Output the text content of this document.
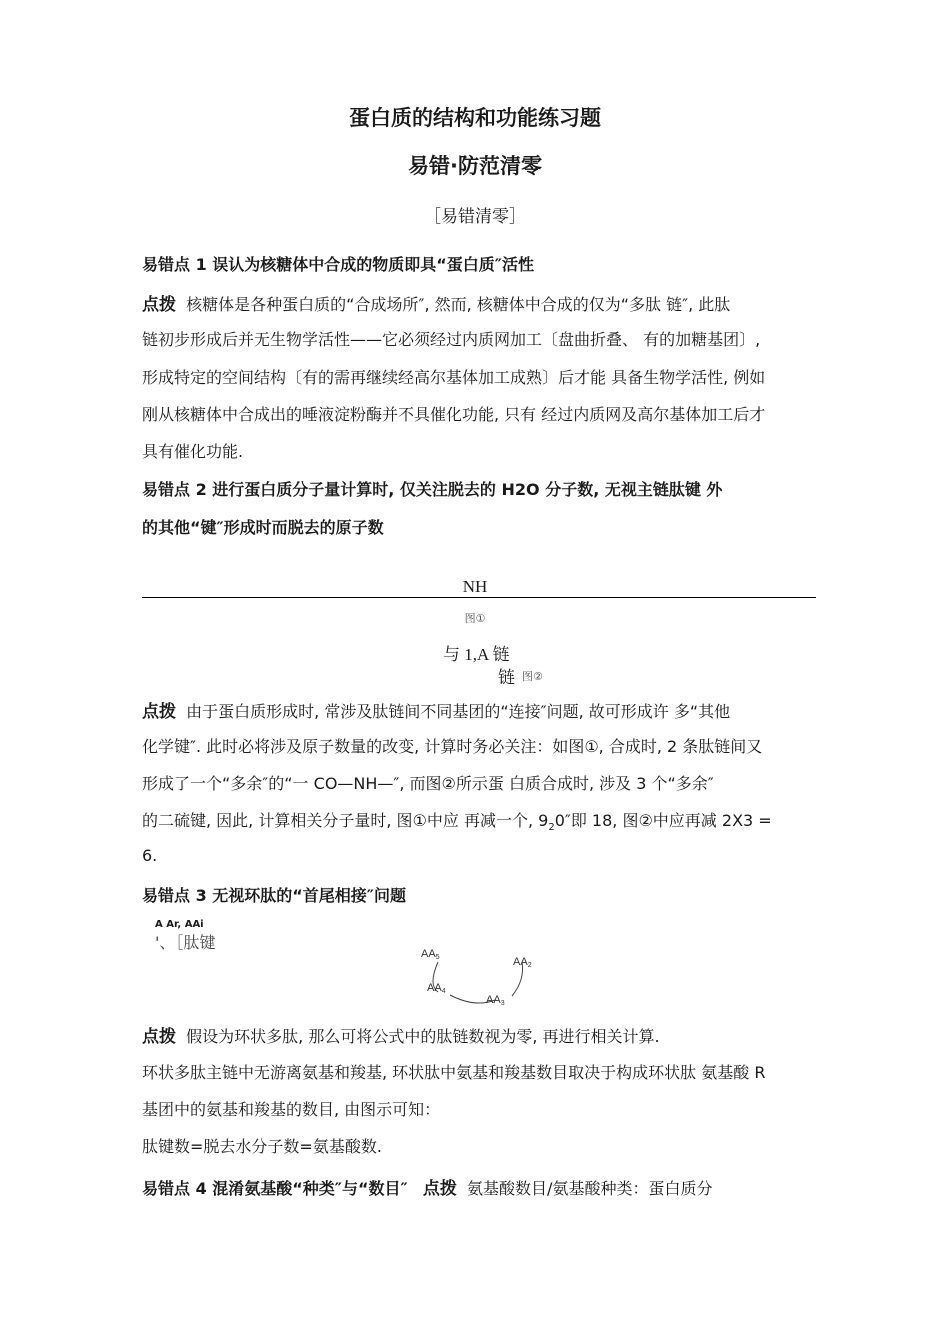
蛋白质的结构和功能练习题
易错·防范清零
［易错清零］
易错点 1 误认为核糖体中合成的物质即具“蛋白质″活性
点拨 核糖体是各种蛋白质的“合成场所″, 然而, 核糖体中合成的仅为“多肽 链″, 此肽
链初步形成后并无生物学活性——它必须经过内质网加工〔盘曲折叠、 有的加糖基团〕,
形成特定的空间结构〔有的需再继续经高尔基体加工成熟〕后才能 具备生物学活性, 例如
刚从核糖体中合成出的唾液淀粉酶并不具催化功能, 只有 经过内质网及高尔基体加工后才
具有催化功能.
易错点 2 进行蛋白质分子量计算时, 仅关注脱去的 H2O 分子数, 无视主链肽键 外
的其他“键″形成时而脱去的原子数
NH
图①
与 1,A 链
链 图②
点拨 由于蛋白质形成时, 常涉及肽链间不同基团的“连接″问题, 故可形成许 多“其他
化学键″. 此时必将涉及原子数量的改变, 计算时务必关注：如图①, 合成时, 2 条肽链间又
形成了一个“多余″的“一 CO—NH—″, 而图②所示蛋 白质合成时, 涉及 3 个“多余″
的二硫键, 因此, 计算相关分子量时, 图①中应 再减一个, $9_20''$即 18, 图②中应再减 2X3 =
6.
易错点 3 无视环肽的“首尾相接″问题
A Ar, AAi
'、［肽键
AA5
AA4
AA3
AA2
点拨 假设为环状多肽, 那么可将公式中的肽链数视为零, 再进行相关计算.
环状多肽主链中无游离氨基和羧基, 环状肽中氨基和羧基数目取决于构成环状肽 氨基酸 R
基团中的氨基和羧基的数目, 由图示可知：
肽键数=脱去水分子数=氨基酸数.
易错点 4 混淆氨基酸“种类″与“数目″ 点拨 氨基酸数目/氨基酸种类：蛋白质分
